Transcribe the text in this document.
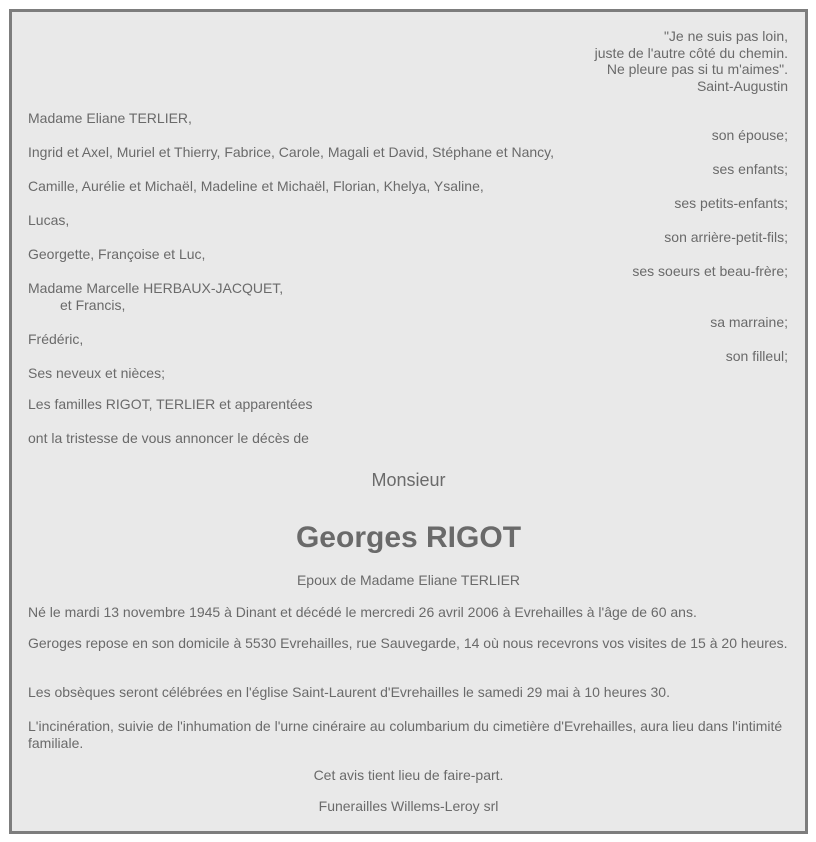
"Je ne suis pas loin,
juste de l'autre côté du chemin.
Ne pleure pas si tu m'aimes".
Saint-Augustin
Madame Eliane TERLIER,
son épouse;
Ingrid et Axel, Muriel et Thierry, Fabrice, Carole, Magali et David, Stéphane et Nancy,
ses enfants;
Camille, Aurélie et Michaël, Madeline et Michaël, Florian, Khelya, Ysaline,
ses petits-enfants;
Lucas,
son arrière-petit-fils;
Georgette, Françoise et Luc,
ses soeurs et beau-frère;
Madame Marcelle HERBAUX-JACQUET,
et Francis,
sa marraine;
Frédéric,
son filleul;
Ses neveux et nièces;
Les familles RIGOT, TERLIER et apparentées
ont la tristesse de vous annoncer le décès de
Monsieur
Georges RIGOT
Epoux de Madame Eliane TERLIER
Né le mardi 13 novembre 1945 à Dinant et décédé le mercredi 26 avril 2006 à Evrehailles à l'âge de 60 ans.
Geroges repose en son domicile à 5530 Evrehailles, rue Sauvegarde, 14 où nous recevrons vos visites de 15 à 20 heures.
Les obsèques seront célébrées en l'église Saint-Laurent d'Evrehailles le samedi 29 mai à 10 heures 30.
L'incinération, suivie de l'inhumation de l'urne cinéraire au columbarium du cimetière d'Evrehailles, aura lieu dans l'intimité familiale.
Cet avis tient lieu de faire-part.
Funerailles Willems-Leroy srl
